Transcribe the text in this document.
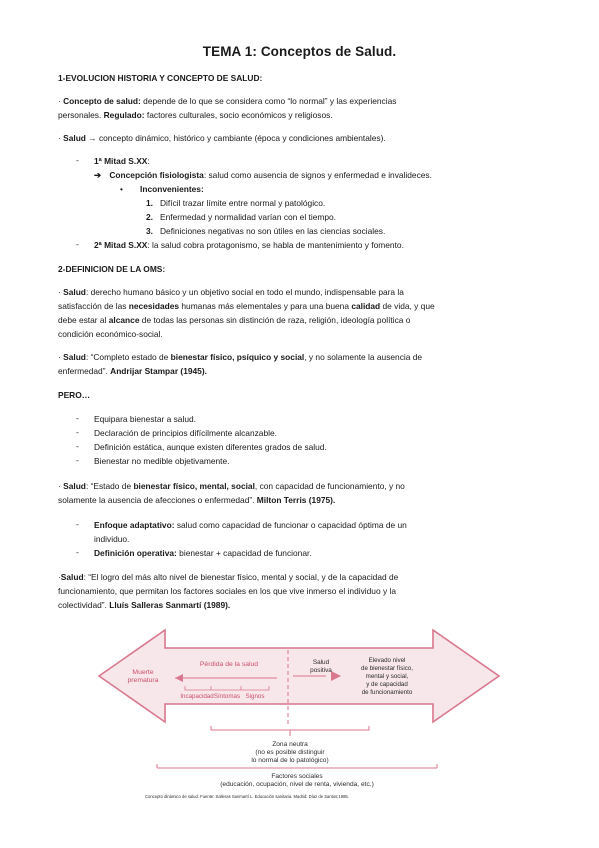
TEMA 1: Conceptos de Salud.
1-EVOLUCION HISTORIA Y CONCEPTO DE SALUD:
· Concepto de salud: depende de lo que se considera como “lo normal” y las experiencias
personales. Regulado: factores culturales, socio económicos y religiosos.
· Salud → concepto dinámico, histórico y cambiante (época y condiciones ambientales).
- 1ª Mitad S.XX:
➔ Concepción fisiologista: salud como ausencia de signos y enfermedad e invalideces.
• Inconvenientes:
1. Difícil trazar límite entre normal y patológico.
2. Enfermedad y normalidad varían con el tiempo.
3. Definiciones negativas no son útiles en las ciencias sociales.
- 2ª Mitad S.XX: la salud cobra protagonismo, se habla de mantenimiento y fomento.
2-DEFINICION DE LA OMS:
· Salud: derecho humano básico y un objetivo social en todo el mundo, indispensable para la
satisfacción de las necesidades humanas más elementales y para una buena calidad de vida, y que
debe estar al alcance de todas las personas sin distinción de raza, religión, ideología política o
condición económico-social.
· Salud: “Completo estado de bienestar físico, psíquico y social, y no solamente la ausencia de
enfermedad”. Andrijar Stampar (1945).
PERO…
- Equipara bienestar a salud.
- Declaración de principios difícilmente alcanzable.
- Definición estática, aunque existen diferentes grados de salud.
- Bienestar no medible objetivamente.
· Salud: “Estado de bienestar físico, mental, social, con capacidad de funcionamiento, y no
solamente la ausencia de afecciones o enfermedad”. Milton Terris (1975).
- Enfoque adaptativo: salud como capacidad de funcionar o capacidad óptima de un
individuo.
- Definición operativa: bienestar + capacidad de funcionar.
·Salud: “El logro del más alto nivel de bienestar físico, mental y social, y de la capacidad de
funcionamiento, que permitan los factores sociales en los que vive inmerso el individuo y la
colectividad”. Lluís Salleras Sanmartí (1989).
Muerte
prematura
Pérdida de la salud
Incapacidad Síntomas Signos
Salud
positiva
Elevado nivel
de bienestar físico,
mental y social,
y de capacidad
de funcionamiento
Zona neutra
(no es posible distinguir
lo normal de lo patológico)
Factores sociales
(educación, ocupación, nivel de renta, vivienda, etc.)
Concepto dinámico de salud. Fuente: Salleras Sanmartí L. Educación sanitaria. Madrid: Díaz de Santos;1985.
